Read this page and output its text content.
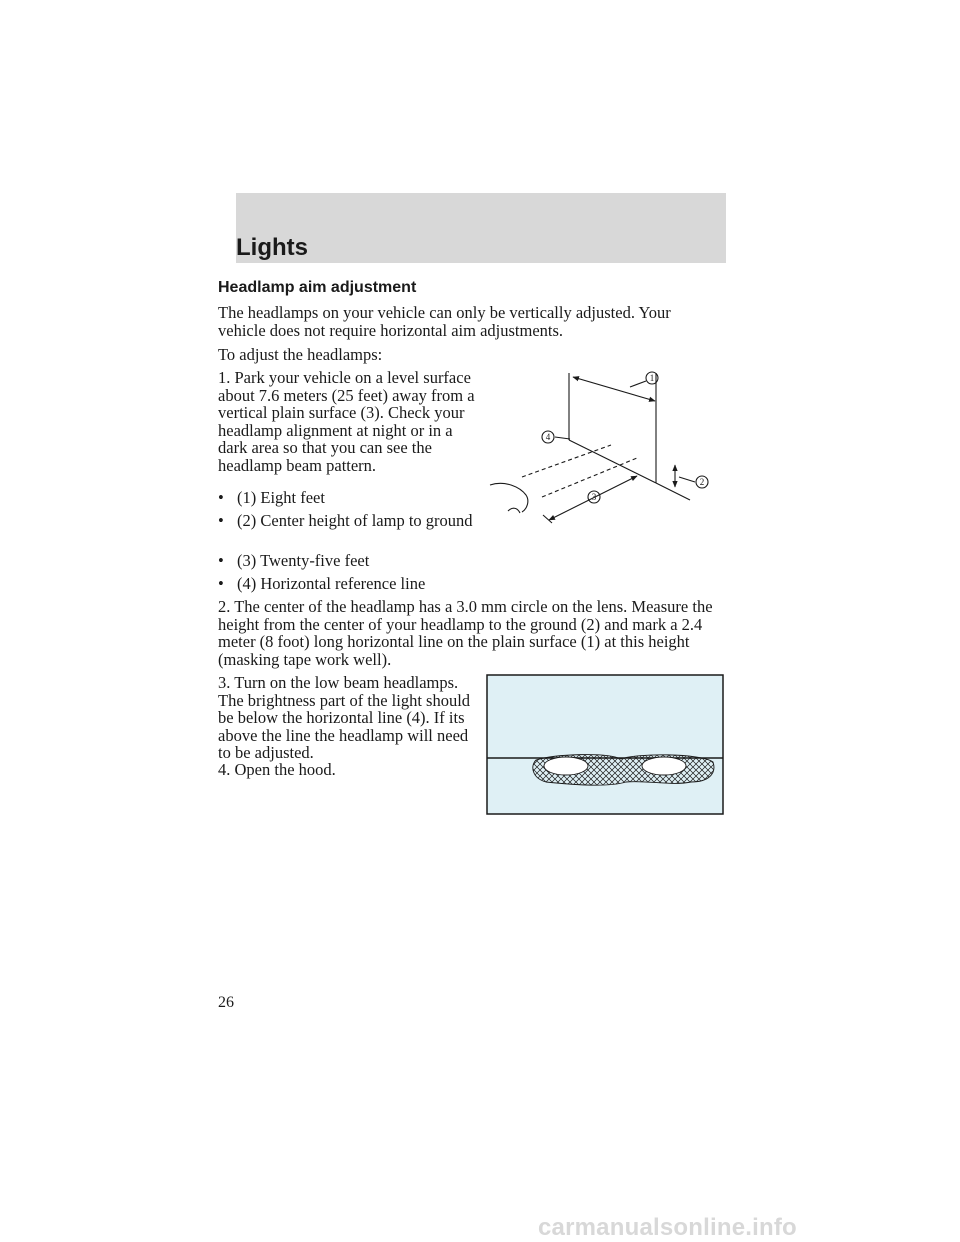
Lights
Headlamp aim adjustment
The headlamps on your vehicle can only be vertically adjusted. Your vehicle does not require horizontal aim adjustments.
To adjust the headlamps:
1. Park your vehicle on a level surface about 7.6 meters (25 feet) away from a vertical plain surface (3). Check your headlamp alignment at night or in a dark area so that you can see the headlamp beam pattern.
• (1) Eight feet
• (2) Center height of lamp to ground
• (3) Twenty-five feet
• (4) Horizontal reference line
2. The center of the headlamp has a 3.0 mm circle on the lens. Measure the height from the center of your headlamp to the ground (2) and mark a 2.4 meter (8 foot) long horizontal line on the plain surface (1) at this height (masking tape work well).
3. Turn on the low beam headlamps. The brightness part of the light should be below the horizontal line (4). If its above the line the headlamp will need to be adjusted.
4. Open the hood.
1
2
3
4
26
carmanualsonline.info
